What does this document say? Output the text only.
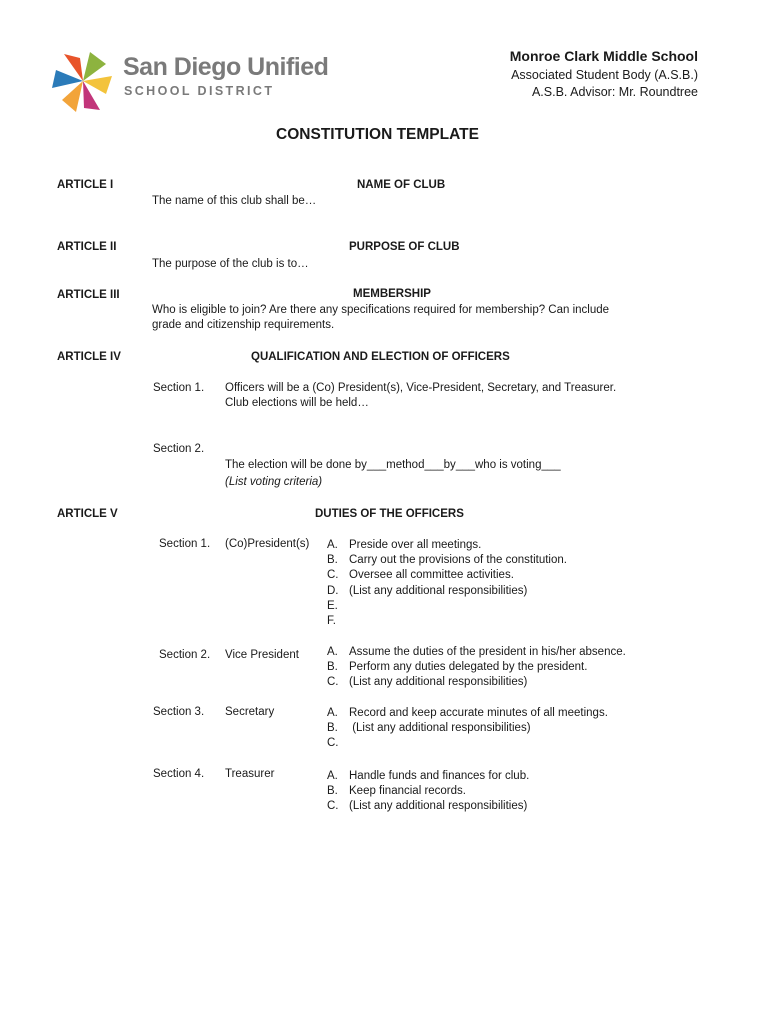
San Diego Unified
SCHOOL DISTRICT
Monroe Clark Middle School
Associated Student Body (A.S.B.)
A.S.B. Advisor: Mr. Roundtree
CONSTITUTION TEMPLATE
ARTICLE I	NAME OF CLUB
The name of this club shall be…
ARTICLE II	PURPOSE OF CLUB
The purpose of the club is to…
ARTICLE III	MEMBERSHIP
Who is eligible to join? Are there any specifications required for membership? Can include
grade and citizenship requirements.
ARTICLE IV	QUALIFICATION AND ELECTION OF OFFICERS
Section 1. Officers will be a (Co) President(s), Vice-President, Secretary, and Treasurer.
Club elections will be held…
Section 2.
The election will be done by___method___by___who is voting___
(List voting criteria)
ARTICLE V	DUTIES OF THE OFFICERS
Section 1. (Co)President(s) A. Preside over all meetings.
B. Carry out the provisions of the constitution.
C. Oversee all committee activities.
D. (List any additional responsibilities)
E.
F.
Section 2. Vice President A. Assume the duties of the president in his/her absence.
B. Perform any duties delegated by the president.
C. (List any additional responsibilities)
Section 3. Secretary	A. Record and keep accurate minutes of all meetings.
B. (List any additional responsibilities)
C.
Section 4. Treasurer	A. Handle funds and finances for club.
B. Keep financial records.
C. (List any additional responsibilities)
